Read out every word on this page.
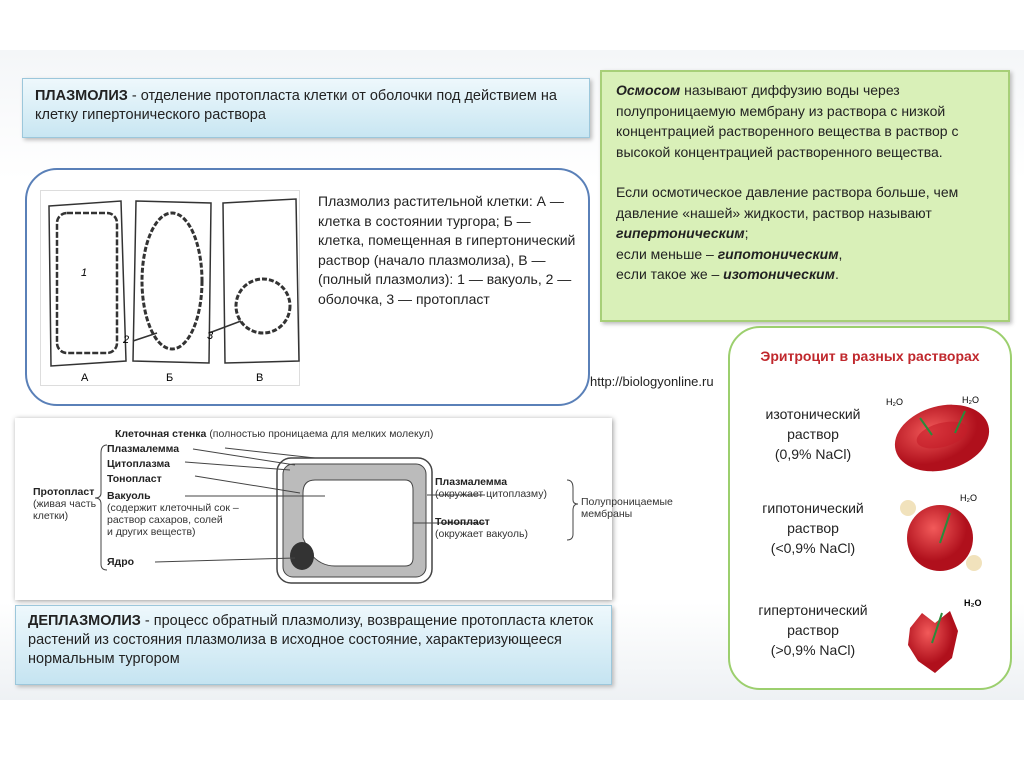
ПЛАЗМОЛИЗ - отделение протопласта клетки от оболочки под действием на клетку гипертонического раствора
1
2	3
А	Б	В
Плазмолиз растительной клетки: А — клетка в состоянии тургора; Б — клетка, помещенная в гипертонический раствор (начало плазмолиза), В — (полный плазмолиз): 1 — вакуоль, 2 — оболочка, 3 — протопласт

Осмосом называют диффузию воды через полупроницаемую мембрану из раствора с низкой концентрацией растворенного вещества в раствор с высокой концентрацией растворенного вещества.

Если осмотическое давление раствора больше, чем давление «нашей» жидкости, раствор называют гипертоническим;
если меньше – гипотоническим,
если такое же – изотоническим.
http://biologyonline.ru
Эритроцит в разных растворах
изотонический
раствор
(0,9% NaCl)
гипотонический
раствор
(<0,9% NaCl)
гипертонический
раствор
(>0,9% NaCl)
H₂O	H₂O
H₂O
H₂O
Клеточная стенка (полностью проницаема для мелких молекул)
Плазмалемма
Цитоплазма
Тонопласт
Вакуоль
(содержит клеточный сок –
раствор сахаров, солей
и других веществ)
Ядро
Протопласт
(живая часть
клетки)
Плазмалемма
(окружает цитоплазму)
Тонопласт
(окружает вакуоль)
Полупроницаемые
мембраны
ДЕПЛАЗМОЛИЗ - процесс обратный плазмолизу, возвращение протопласта клеток растений из состояния плазмолиза в исходное состояние, характеризующееся нормальным тургором
